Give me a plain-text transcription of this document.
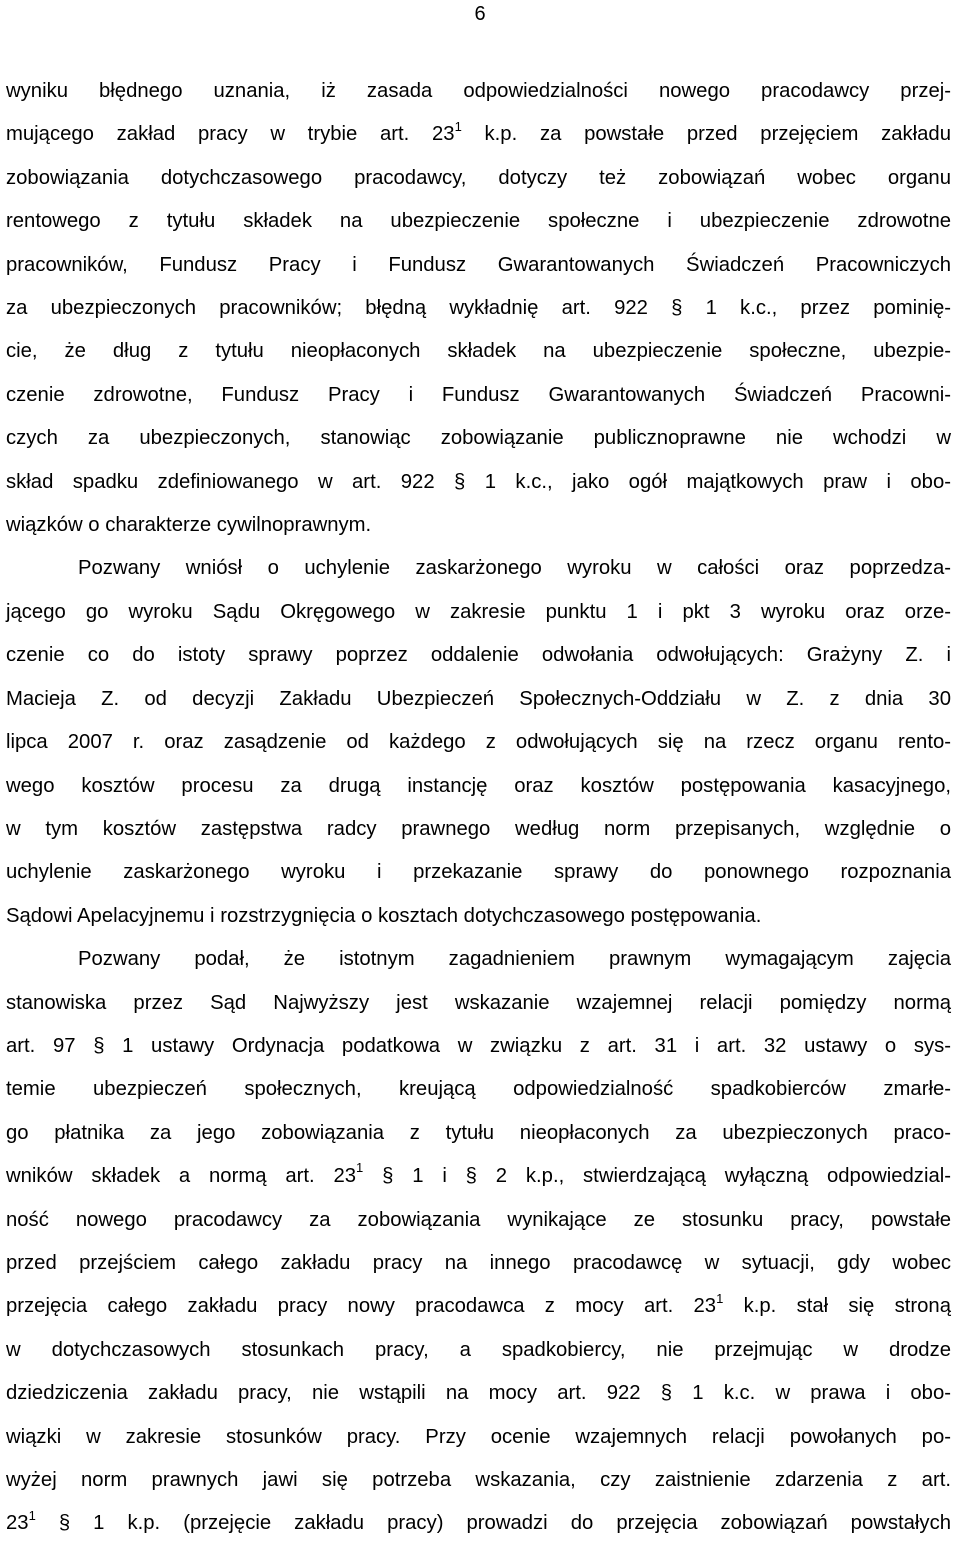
6
wyniku błędnego uznania, iż zasada odpowiedzialności nowego pracodawcy przej-
mującego zakład pracy w trybie art. $23^1$ k.p. za powstałe przed przejęciem zakładu
zobowiązania dotychczasowego pracodawcy, dotyczy też zobowiązań wobec organu
rentowego z tytułu składek na ubezpieczenie społeczne i ubezpieczenie zdrowotne
pracowników, Fundusz Pracy i Fundusz Gwarantowanych Świadczeń Pracowniczych
za ubezpieczonych pracowników; błędną wykładnię art. 922 § 1 k.c., przez pominię-
cie, że dług z tytułu nieopłaconych składek na ubezpieczenie społeczne, ubezpie-
czenie zdrowotne, Fundusz Pracy i Fundusz Gwarantowanych Świadczeń Pracowni-
czych za ubezpieczonych, stanowiąc zobowiązanie publicznoprawne nie wchodzi w
skład spadku zdefiniowanego w art. 922 § 1 k.c., jako ogół majątkowych praw i obo-
wiązków o charakterze cywilnoprawnym.
Pozwany wniósł o uchylenie zaskarżonego wyroku w całości oraz poprzedza-
jącego go wyroku Sądu Okręgowego w zakresie punktu 1 i pkt 3 wyroku oraz orze-
czenie co do istoty sprawy poprzez oddalenie odwołania odwołujących: Grażyny Z. i
Macieja Z. od decyzji Zakładu Ubezpieczeń Społecznych-Oddziału w Z. z dnia 30
lipca 2007 r. oraz zasądzenie od każdego z odwołujących się na rzecz organu rento-
wego kosztów procesu za drugą instancję oraz kosztów postępowania kasacyjnego,
w tym kosztów zastępstwa radcy prawnego według norm przepisanych, względnie o
uchylenie zaskarżonego wyroku i przekazanie sprawy do ponownego rozpoznania
Sądowi Apelacyjnemu i rozstrzygnięcia o kosztach dotychczasowego postępowania.
Pozwany podał, że istotnym zagadnieniem prawnym wymagającym zajęcia
stanowiska przez Sąd Najwyższy jest wskazanie wzajemnej relacji pomiędzy normą
art. 97 § 1 ustawy Ordynacja podatkowa w związku z art. 31 i art. 32 ustawy o sys-
temie ubezpieczeń społecznych, kreującą odpowiedzialność spadkobierców zmarłe-
go płatnika za jego zobowiązania z tytułu nieopłaconych za ubezpieczonych praco-
wników składek a normą art. $23^1$ § 1 i § 2 k.p., stwierdzającą wyłączną odpowiedzial-
ność nowego pracodawcy za zobowiązania wynikające ze stosunku pracy, powstałe
przed przejściem całego zakładu pracy na innego pracodawcę w sytuacji, gdy wobec
przejęcia całego zakładu pracy nowy pracodawca z mocy art. $23^1$ k.p. stał się stroną
w dotychczasowych stosunkach pracy, a spadkobiercy, nie przejmując w drodze
dziedziczenia zakładu pracy, nie wstąpili na mocy art. 922 § 1 k.c. w prawa i obo-
wiązki w zakresie stosunków pracy. Przy ocenie wzajemnych relacji powołanych po-
wyżej norm prawnych jawi się potrzeba wskazania, czy zaistnienie zdarzenia z art.
$23^1$ § 1 k.p. (przejęcie zakładu pracy) prowadzi do przejęcia zobowiązań powstałych
